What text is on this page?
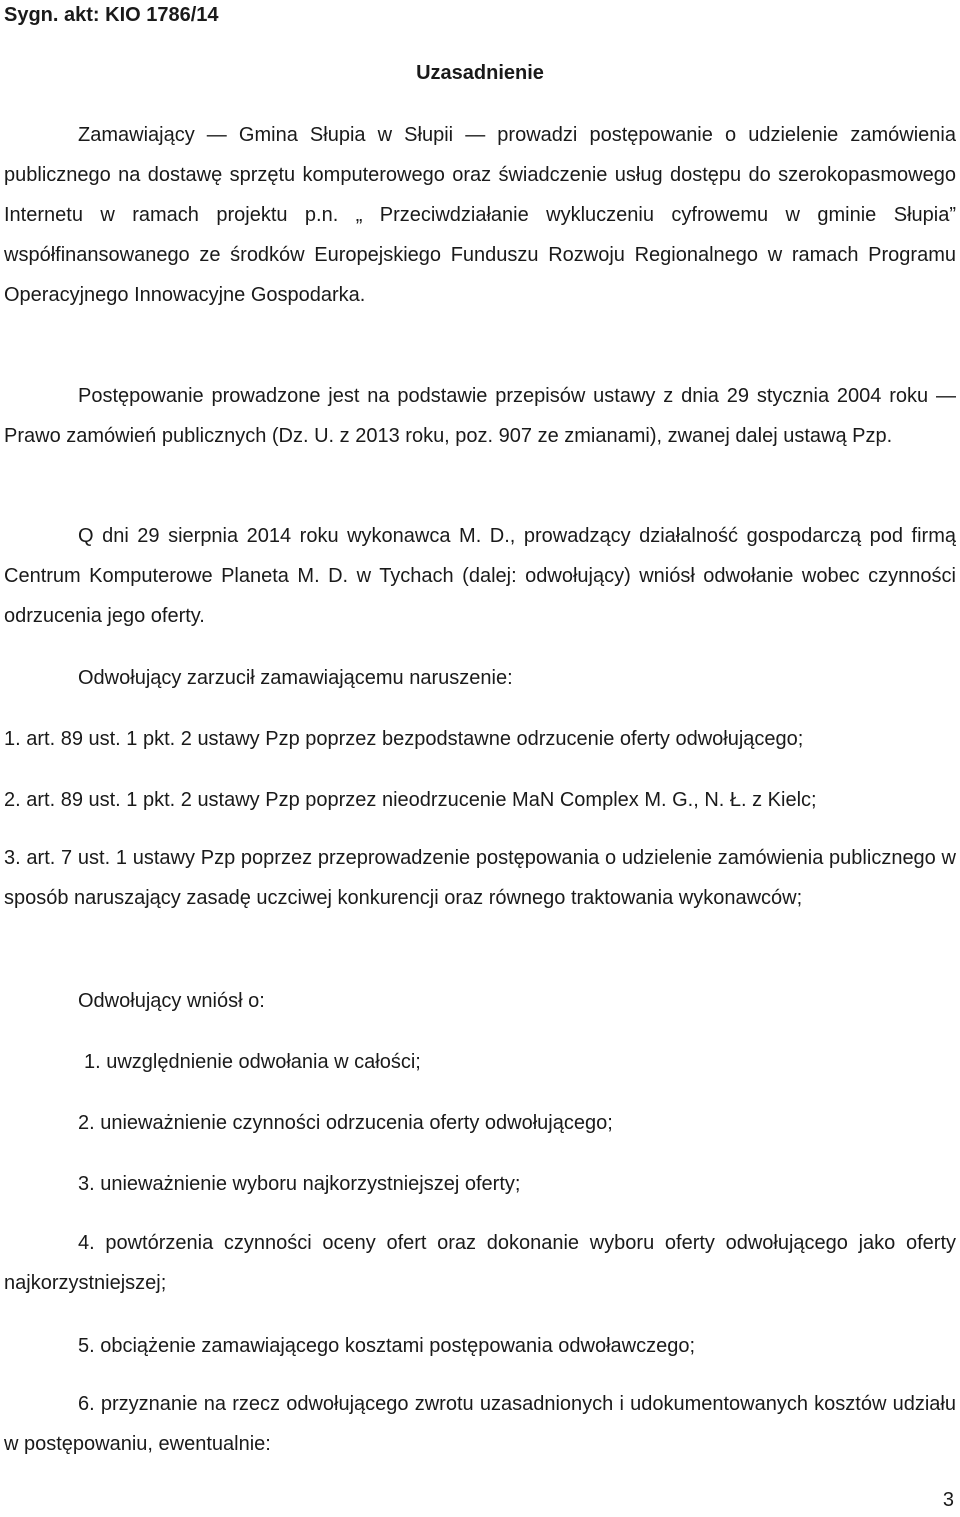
Sygn. akt: KIO 1786/14
Uzasadnienie

Zamawiający — Gmina Słupia w Słupii — prowadzi postępowanie o udzielenie zamówienia publicznego na dostawę sprzętu komputerowego oraz świadczenie usług dostępu do szerokopasmowego Internetu w ramach projektu p.n. „ Przeciwdziałanie wykluczeniu cyfrowemu w gminie Słupia” współfinansowanego ze środków Europejskiego Funduszu Rozwoju Regionalnego w ramach Programu Operacyjnego Innowacyjne Gospodarka.

Postępowanie prowadzone jest na podstawie przepisów ustawy z dnia 29 stycznia 2004 roku — Prawo zamówień publicznych (Dz. U. z 2013 roku, poz. 907 ze zmianami), zwanej dalej ustawą Pzp.

Q dni 29 sierpnia 2014 roku wykonawca M. D., prowadzący działalność gospodarczą pod firmą Centrum Komputerowe Planeta M. D. w Tychach (dalej: odwołujący) wniósł odwołanie wobec czynności odrzucenia jego oferty.

Odwołujący zarzucił zamawiającemu naruszenie:

1. art. 89 ust. 1 pkt. 2 ustawy Pzp poprzez bezpodstawne odrzucenie oferty odwołującego;

2. art. 89 ust. 1 pkt. 2 ustawy Pzp poprzez nieodrzucenie MaN Complex M. G., N. Ł. z Kielc;

3. art. 7 ust. 1 ustawy Pzp poprzez przeprowadzenie postępowania o udzielenie zamówienia publicznego w sposób naruszający zasadę uczciwej konkurencji oraz równego traktowania wykonawców;

Odwołujący wniósł o:

1. uwzględnienie odwołania w całości;

2. unieważnienie czynności odrzucenia oferty odwołującego;

3. unieważnienie wyboru najkorzystniejszej oferty;

4. powtórzenia czynności oceny ofert oraz dokonanie wyboru oferty odwołującego jako oferty najkorzystniejszej;

5. obciążenie zamawiającego kosztami postępowania odwoławczego;

6. przyznanie na rzecz odwołującego zwrotu uzasadnionych i udokumentowanych kosztów udziału w postępowaniu, ewentualnie:

3
